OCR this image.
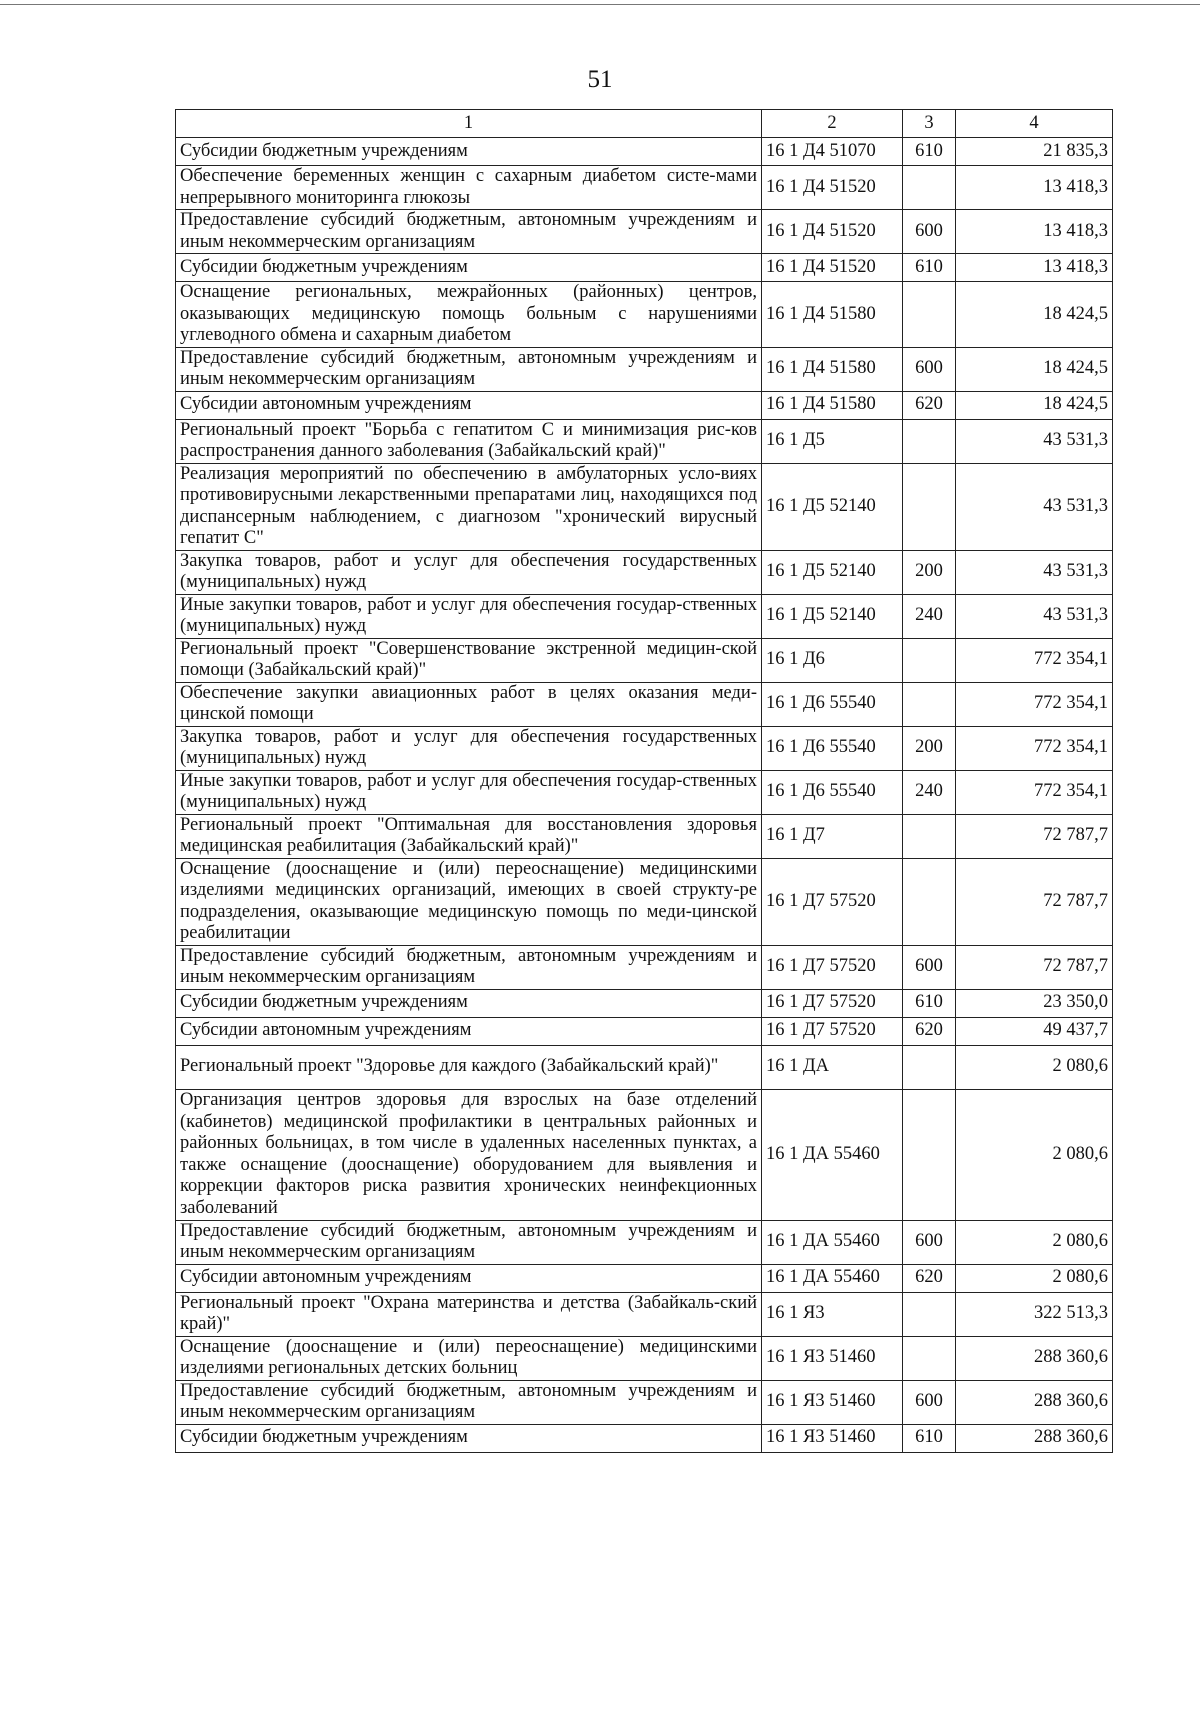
51
1	2	3	4
Субсидии бюджетным учреждениям	16 1 Д4 51070	610	21 835,3
Обеспечение беременных женщин с сахарным диабетом систе-мами непрерывного мониторинга глюкозы	16 1 Д4 51520		13 418,3
Предоставление субсидий бюджетным, автономным учреждениям и иным некоммерческим организациям	16 1 Д4 51520	600	13 418,3
Субсидии бюджетным учреждениям	16 1 Д4 51520	610	13 418,3
Оснащение региональных, межрайонных (районных) центров, оказывающих медицинскую помощь больным с нарушениями углеводного обмена и сахарным диабетом	16 1 Д4 51580		18 424,5
Предоставление субсидий бюджетным, автономным учреждениям и иным некоммерческим организациям	16 1 Д4 51580	600	18 424,5
Субсидии автономным учреждениям	16 1 Д4 51580	620	18 424,5
Региональный проект "Борьба с гепатитом С и минимизация рис-ков распространения данного заболевания (Забайкальский край)"	16 1 Д5		43 531,3
Реализация мероприятий по обеспечению в амбулаторных усло-виях противовирусными лекарственными препаратами лиц, находящихся под диспансерным наблюдением, с диагнозом "хронический вирусный гепатит С"	16 1 Д5 52140		43 531,3
Закупка товаров, работ и услуг для обеспечения государственных (муниципальных) нужд	16 1 Д5 52140	200	43 531,3
Иные закупки товаров, работ и услуг для обеспечения государ-ственных (муниципальных) нужд	16 1 Д5 52140	240	43 531,3
Региональный проект "Совершенствование экстренной медицин-ской помощи (Забайкальский край)"	16 1 Д6		772 354,1
Обеспечение закупки авиационных работ в целях оказания меди-цинской помощи	16 1 Д6 55540		772 354,1
Закупка товаров, работ и услуг для обеспечения государственных (муниципальных) нужд	16 1 Д6 55540	200	772 354,1
Иные закупки товаров, работ и услуг для обеспечения государ-ственных (муниципальных) нужд	16 1 Д6 55540	240	772 354,1
Региональный проект "Оптимальная для восстановления здоровья медицинская реабилитация (Забайкальский край)"	16 1 Д7		72 787,7
Оснащение (дооснащение и (или) переоснащение) медицинскими изделиями медицинских организаций, имеющих в своей структу-ре подразделения, оказывающие медицинскую помощь по меди-цинской реабилитации	16 1 Д7 57520		72 787,7
Предоставление субсидий бюджетным, автономным учреждениям и иным некоммерческим организациям	16 1 Д7 57520	600	72 787,7
Субсидии бюджетным учреждениям	16 1 Д7 57520	610	23 350,0
Субсидии автономным учреждениям	16 1 Д7 57520	620	49 437,7
Региональный проект "Здоровье для каждого (Забайкальский край)"	16 1 ДА		2 080,6
Организация центров здоровья для взрослых на базе отделений (кабинетов) медицинской профилактики в центральных районных и районных больницах, в том числе в удаленных населенных пунктах, а также оснащение (дооснащение) оборудованием для выявления и коррекции факторов риска развития хронических неинфекционных заболеваний	16 1 ДА 55460		2 080,6
Предоставление субсидий бюджетным, автономным учреждениям и иным некоммерческим организациям	16 1 ДА 55460	600	2 080,6
Субсидии автономным учреждениям	16 1 ДА 55460	620	2 080,6
Региональный проект "Охрана материнства и детства (Забайкаль-ский край)"	16 1 Я3		322 513,3
Оснащение (дооснащение и (или) переоснащение) медицинскими изделиями региональных детских больниц	16 1 Я3 51460		288 360,6
Предоставление субсидий бюджетным, автономным учреждениям и иным некоммерческим организациям	16 1 Я3 51460	600	288 360,6
Субсидии бюджетным учреждениям	16 1 Я3 51460	610	288 360,6
